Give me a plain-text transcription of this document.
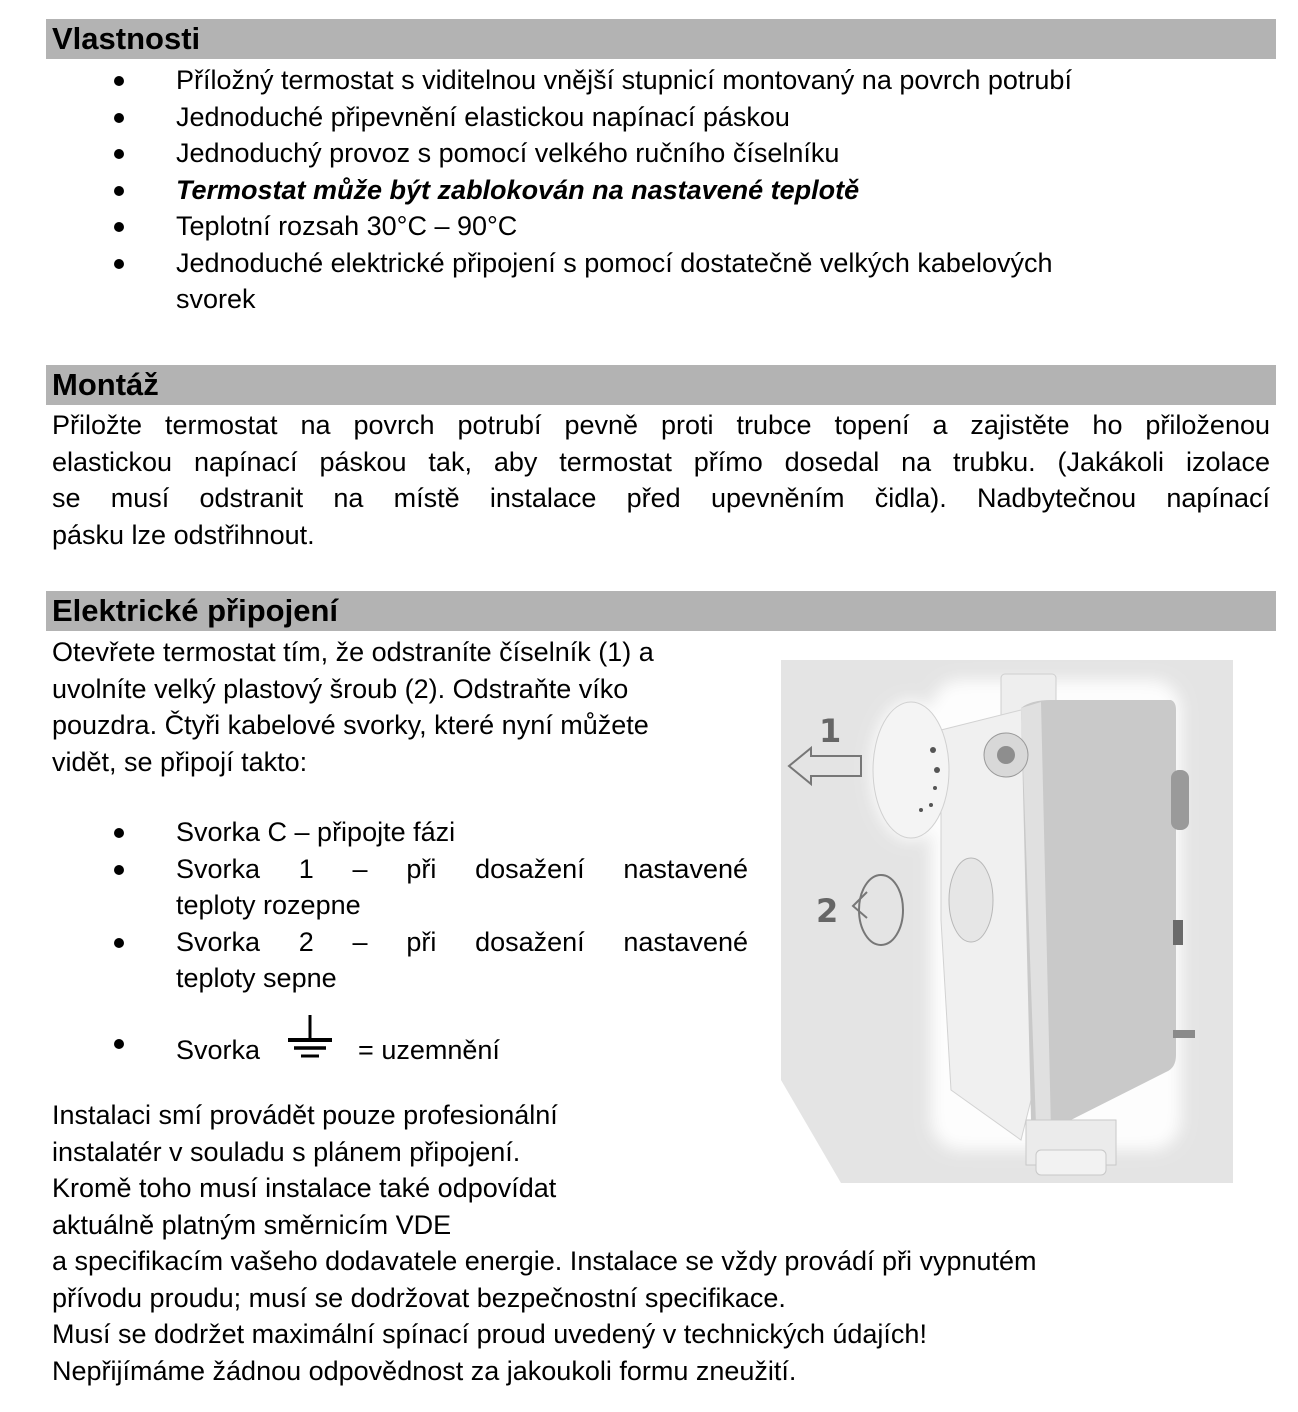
Vlastnosti
Příložný termostat s viditelnou vnější stupnicí montovaný na povrch potrubí
Jednoduché připevnění elastickou napínací páskou
Jednoduchý provoz s pomocí velkého ručního číselníku
Termostat může být zablokován na nastavené teplotě
Teplotní rozsah 30°C – 90°C
Jednoduché elektrické připojení s pomocí dostatečně velkých kabelových
svorek
Montáž
Přiložte termostat na povrch potrubí pevně proti trubce topení a zajistěte ho přiloženou
elastickou napínací páskou tak, aby termostat přímo dosedal na trubku. (Jakákoli izolace
se musí odstranit na místě instalace před upevněním čidla). Nadbytečnou napínací
pásku lze odstřihnout.
Elektrické připojení
Otevřete termostat tím, že odstraníte číselník (1) a
uvolníte velký plastový šroub (2). Odstraňte víko
pouzdra. Čtyři kabelové svorky, které nyní můžete
vidět, se připojí takto:
Svorka C – připojte fázi
Svorka 1 – při dosažení nastavené
teploty rozepne
Svorka 2 – při dosažení nastavené
teploty sepne
Svorka	= uzemnění
Instalaci smí provádět pouze profesionální
instalatér v souladu s plánem připojení.
Kromě toho musí instalace také odpovídat
aktuálně platným směrnicím VDE
a specifikacím vašeho dodavatele energie. Instalace se vždy provádí při vypnutém
přívodu proudu; musí se dodržovat bezpečnostní specifikace.
Musí se dodržet maximální spínací proud uvedený v technických údajích!
Nepřijímáme žádnou odpovědnost za jakoukoli formu zneužití.
1
2
